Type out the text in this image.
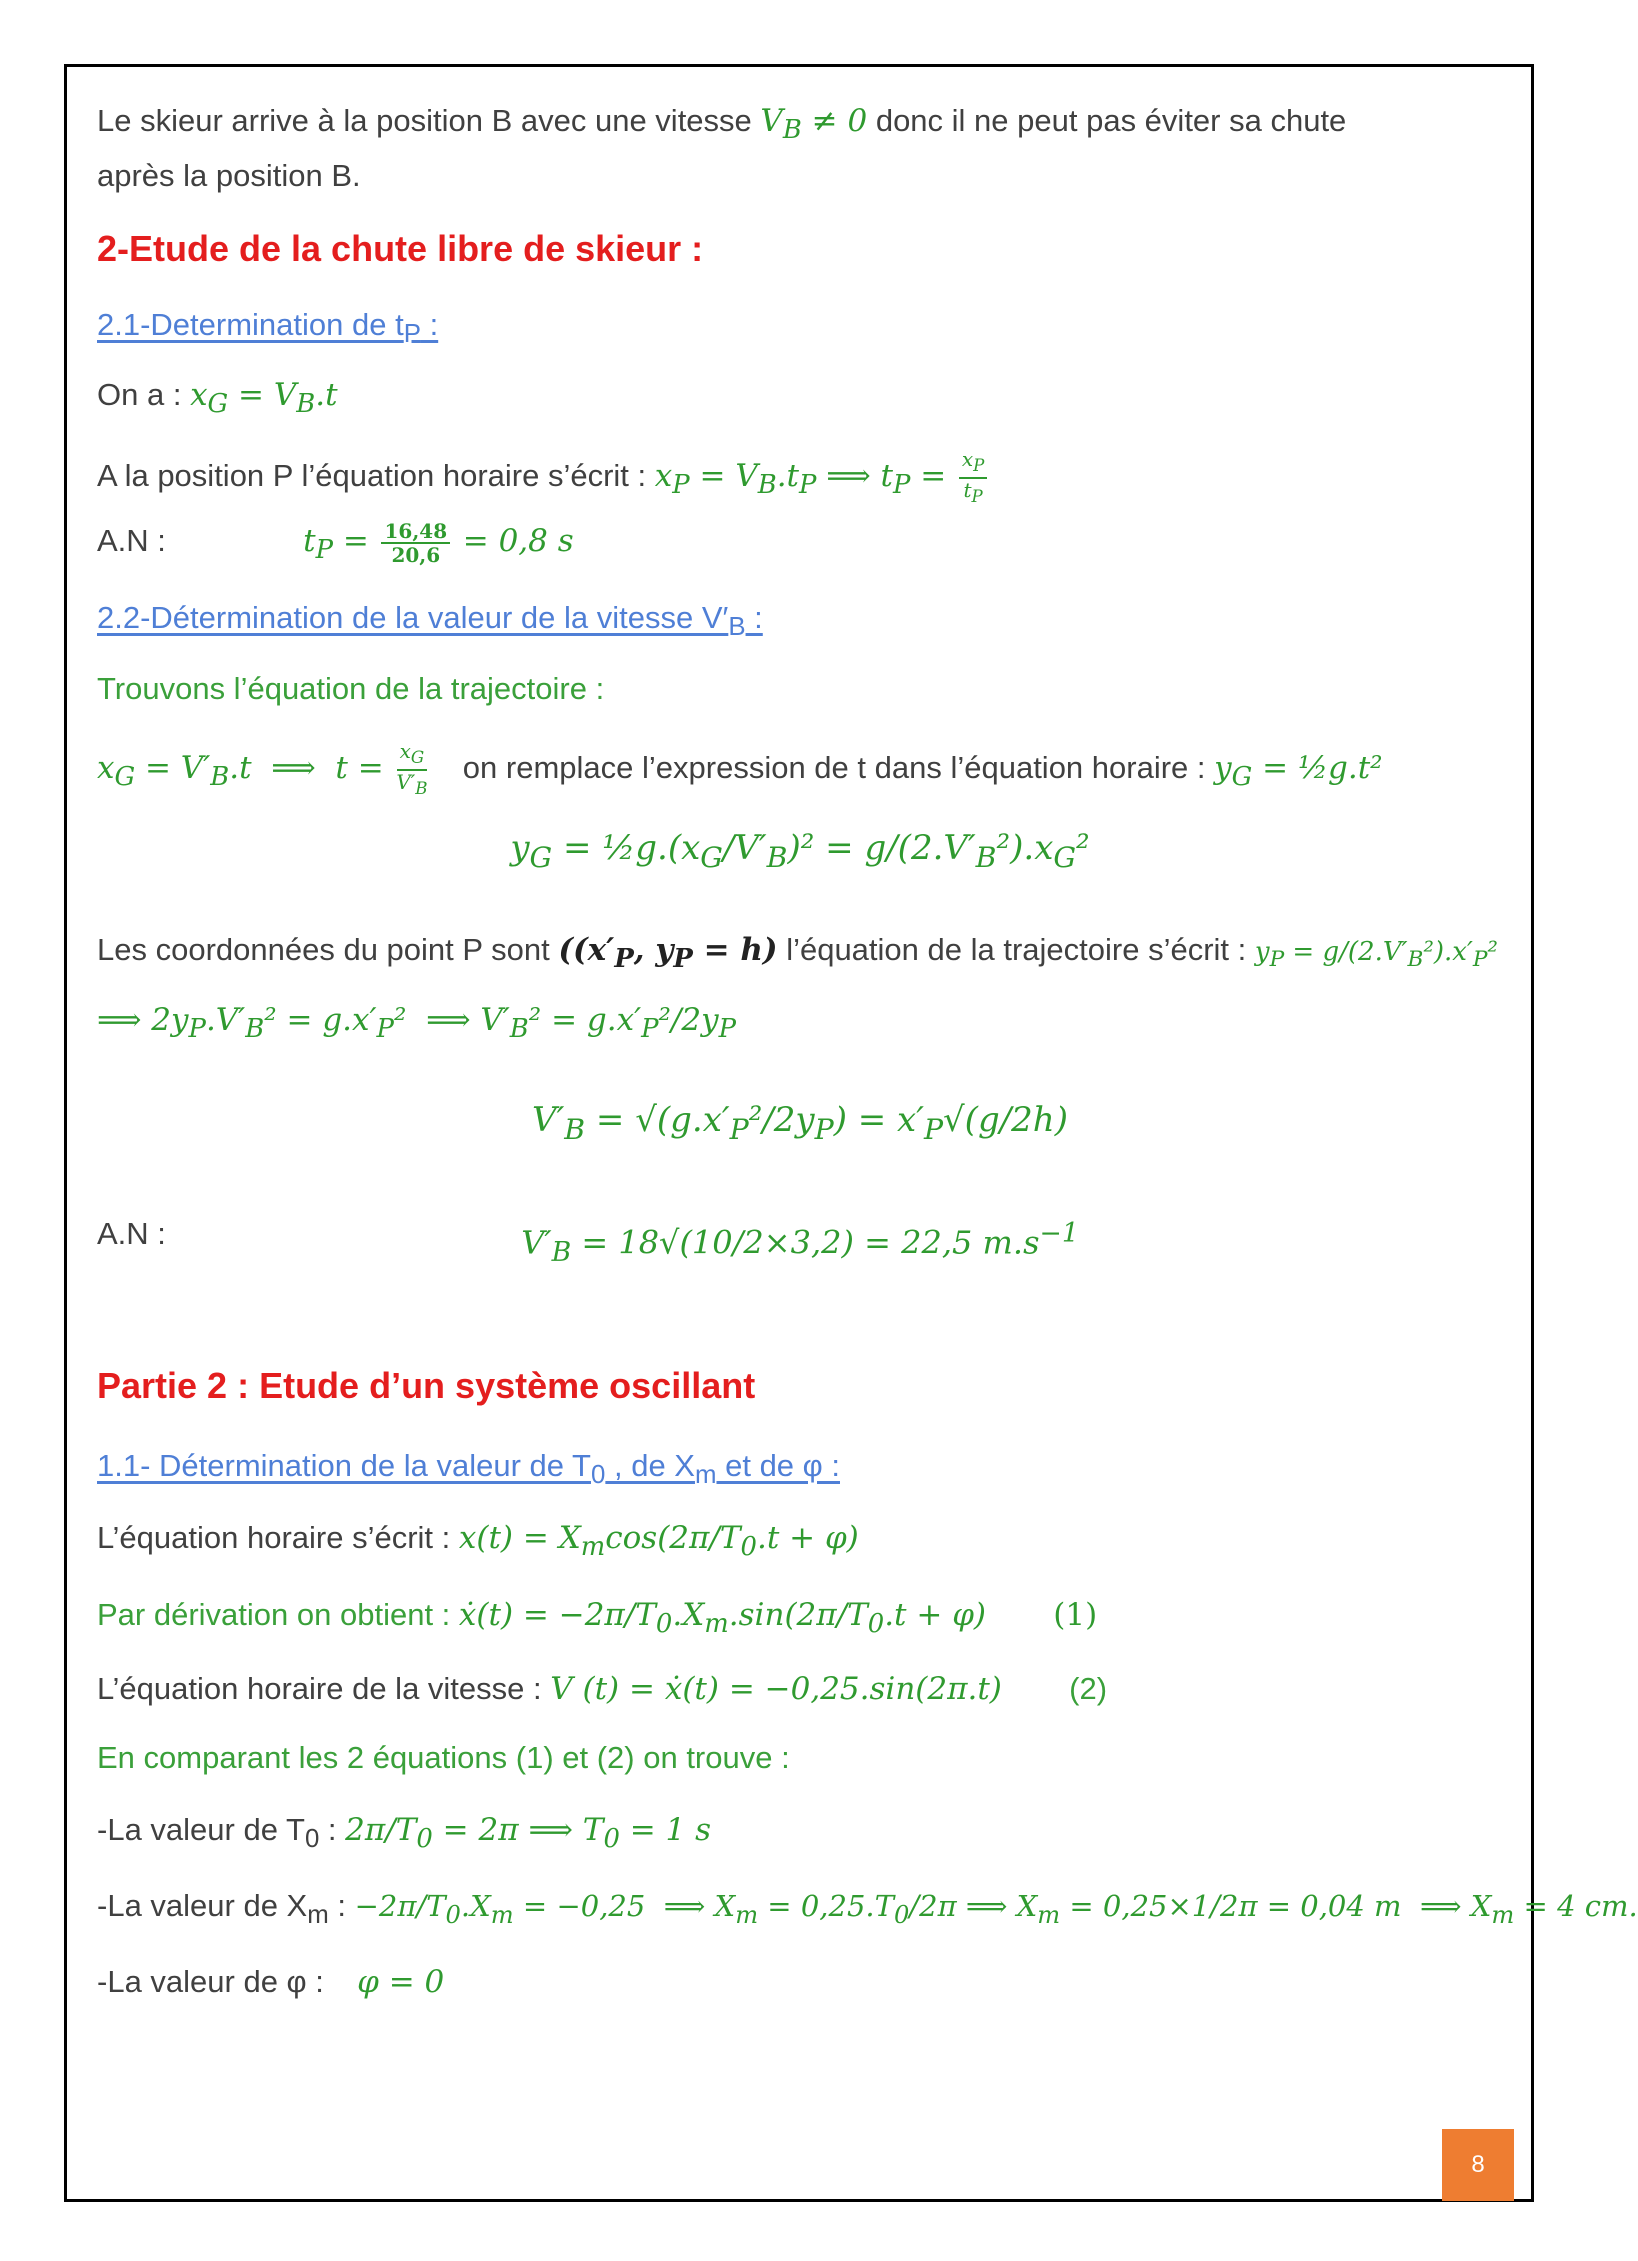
Le skieur arrive à la position B avec une vitesse $V_B \ne 0$ donc il ne peut pas éviter sa chute
après la position B.
2-Etude de la chute libre de skieur :
2.1-Determination de $t_P$ :
On a : $x_G = V_B.t$
A la position P l’équation horaire s’écrit : $x_P = V_B.t_P$ ⟹ $t_P = \frac{x_P}{t_P}$
A.N :	$t_P = \frac{16,48}{20,6} = 0,8$ s
2.2-Détermination de la valeur de la vitesse $V'_B$ :
Trouvons l’équation de la trajectoire :
$x_G = V'_B.t$  ⟹  $t = \frac{x_G}{V'_B}$ on remplace l’expression de t dans l’équation horaire : $y_G$ = ½g.t²
$y_G$ = $\frac{1}{2}g.(x_G/V'_B)^2 = g/(2.V'_B^2).x_G^2$
Les coordonnées du point P sont (($x'_P$, $y_P = h$) l’équation de la trajectoire s’écrit : $y_P = g/(2.V'_B^2).x'_P^2$
⟹ $2y_P.V'_B^2 = g.x'_P^2$  ⟹ $V'_B^2 = g.x'_P^2/2y_P$
$V'_B = √(g.x'_P^2/2y_P) = x'_P√(g/2h)$
A.N :	$V'_B = 18√(10/2\times 3,2) = 22,5$ $m.s^{-1}$
Partie 2 : Etude d’un système oscillant
1.1- Détermination de la valeur de $T_0$ , de $X_m$ et de φ :
L’équation horaire s’écrit : $x(t) = X_m\cos(2\pi/T_0.t + \varphi)$
Par dérivation on obtient : ẋ(t) = $-2\pi/T_0.X_m.\sin(2\pi/T_0.t + \varphi)$ (1)
L’équation horaire de la vitesse : V (t) = ẋ(t) = −0,25.sin(2π.t) (2)
En comparant les 2 équations (1) et (2) on trouve :
-La valeur de $T_0$ : $2\pi/T_0 = 2\pi$ ⟹ $T_0 = 1$ s
-La valeur de $X_m$ : $-2\pi/T_0.X_m = -0,25$  ⟹ $X_m = 0,25.T_0/2\pi$ ⟹ $X_m = 0,25\times 1/2\pi = 0,04$ m  ⟹ $X_m = 4$ cm.
-La valeur de φ : φ = 0
8
